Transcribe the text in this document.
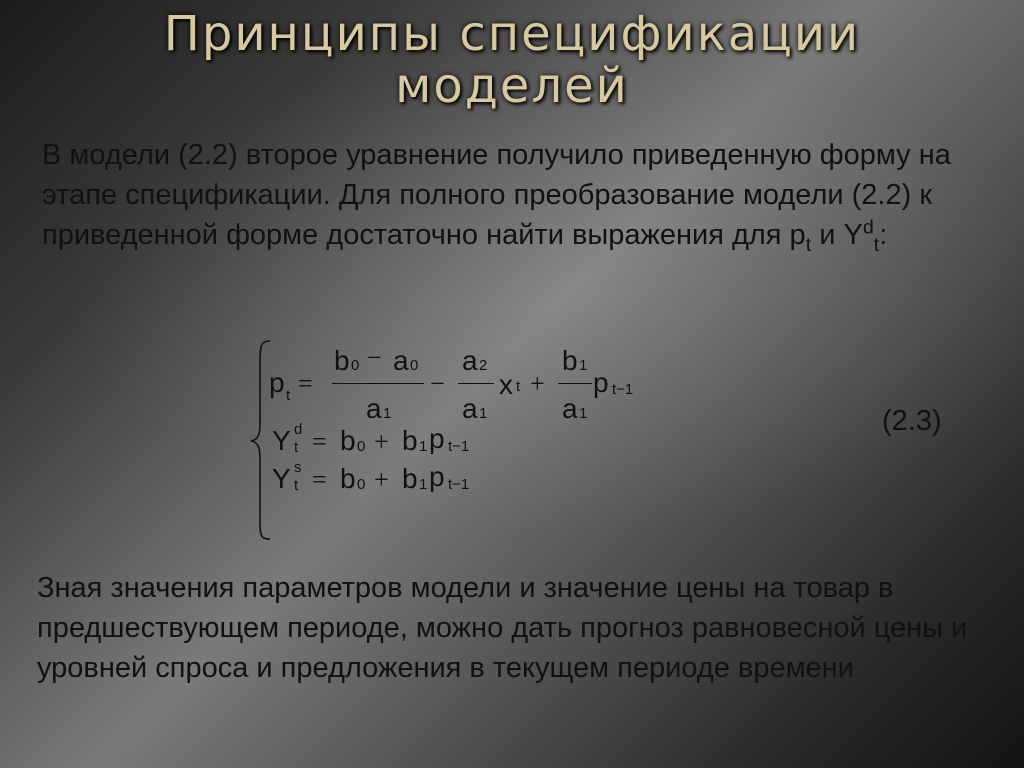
Принципы спецификации
моделей
В модели (2.2) второе уравнение получило приведенную форму на этапе спецификации. Для полного преобразование модели (2.2) к приведенной форме достаточно найти выражения для $p_t$ и $Y^d_t$:
p t =
b 0 − a 0
a 1
−
a 2
a 1
x t +
b 1
a 1
p t−1
Y d
t = b 0 + b 1 p t−1
Y s
t = b 0 + b 1 p t−1
(2.3)
Зная значения параметров модели и значение цены на товар в предшествующем периоде, можно дать прогноз равновесной цены и уровней спроса и предложения в текущем периоде времени
